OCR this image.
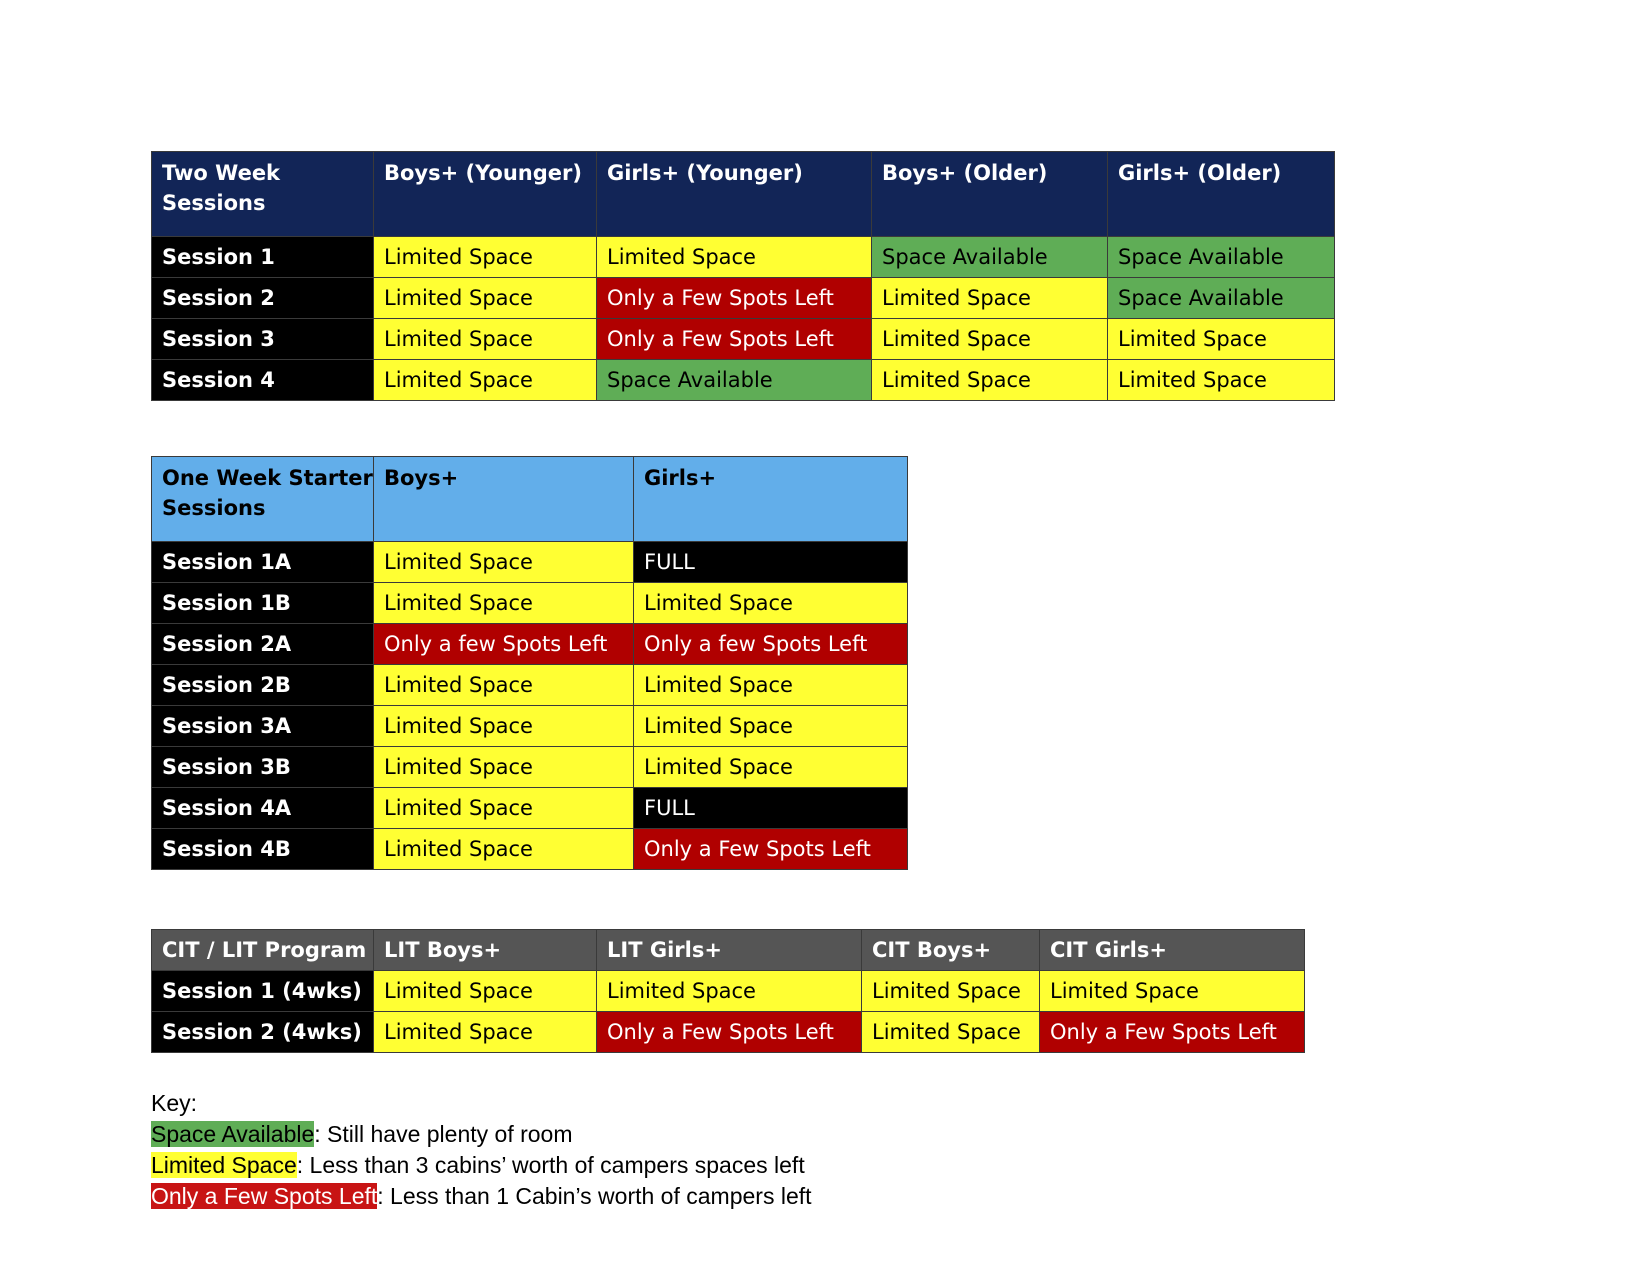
Two Week Sessions	Boys+ (Younger)	Girls+ (Younger)	Boys+ (Older)	Girls+ (Older)
Session 1	Limited Space	Limited Space	Space Available	Space Available
Session 2	Limited Space	Only a Few Spots Left	Limited Space	Space Available
Session 3	Limited Space	Only a Few Spots Left	Limited Space	Limited Space
Session 4	Limited Space	Space Available	Limited Space	Limited Space
One Week Starter Sessions	Boys+	Girls+
Session 1A	Limited Space	FULL
Session 1B	Limited Space	Limited Space
Session 2A	Only a few Spots Left	Only a few Spots Left
Session 2B	Limited Space	Limited Space
Session 3A	Limited Space	Limited Space
Session 3B	Limited Space	Limited Space
Session 4A	Limited Space	FULL
Session 4B	Limited Space	Only a Few Spots Left
CIT / LIT Program	LIT Boys+	LIT Girls+	CIT Boys+	CIT Girls+
Session 1 (4wks)	Limited Space	Limited Space	Limited Space	Limited Space
Session 2 (4wks)	Limited Space	Only a Few Spots Left	Limited Space	Only a Few Spots Left
Key:
Space Available: Still have plenty of room
Limited Space: Less than 3 cabins’ worth of campers spaces left
Only a Few Spots Left: Less than 1 Cabin’s worth of campers left
